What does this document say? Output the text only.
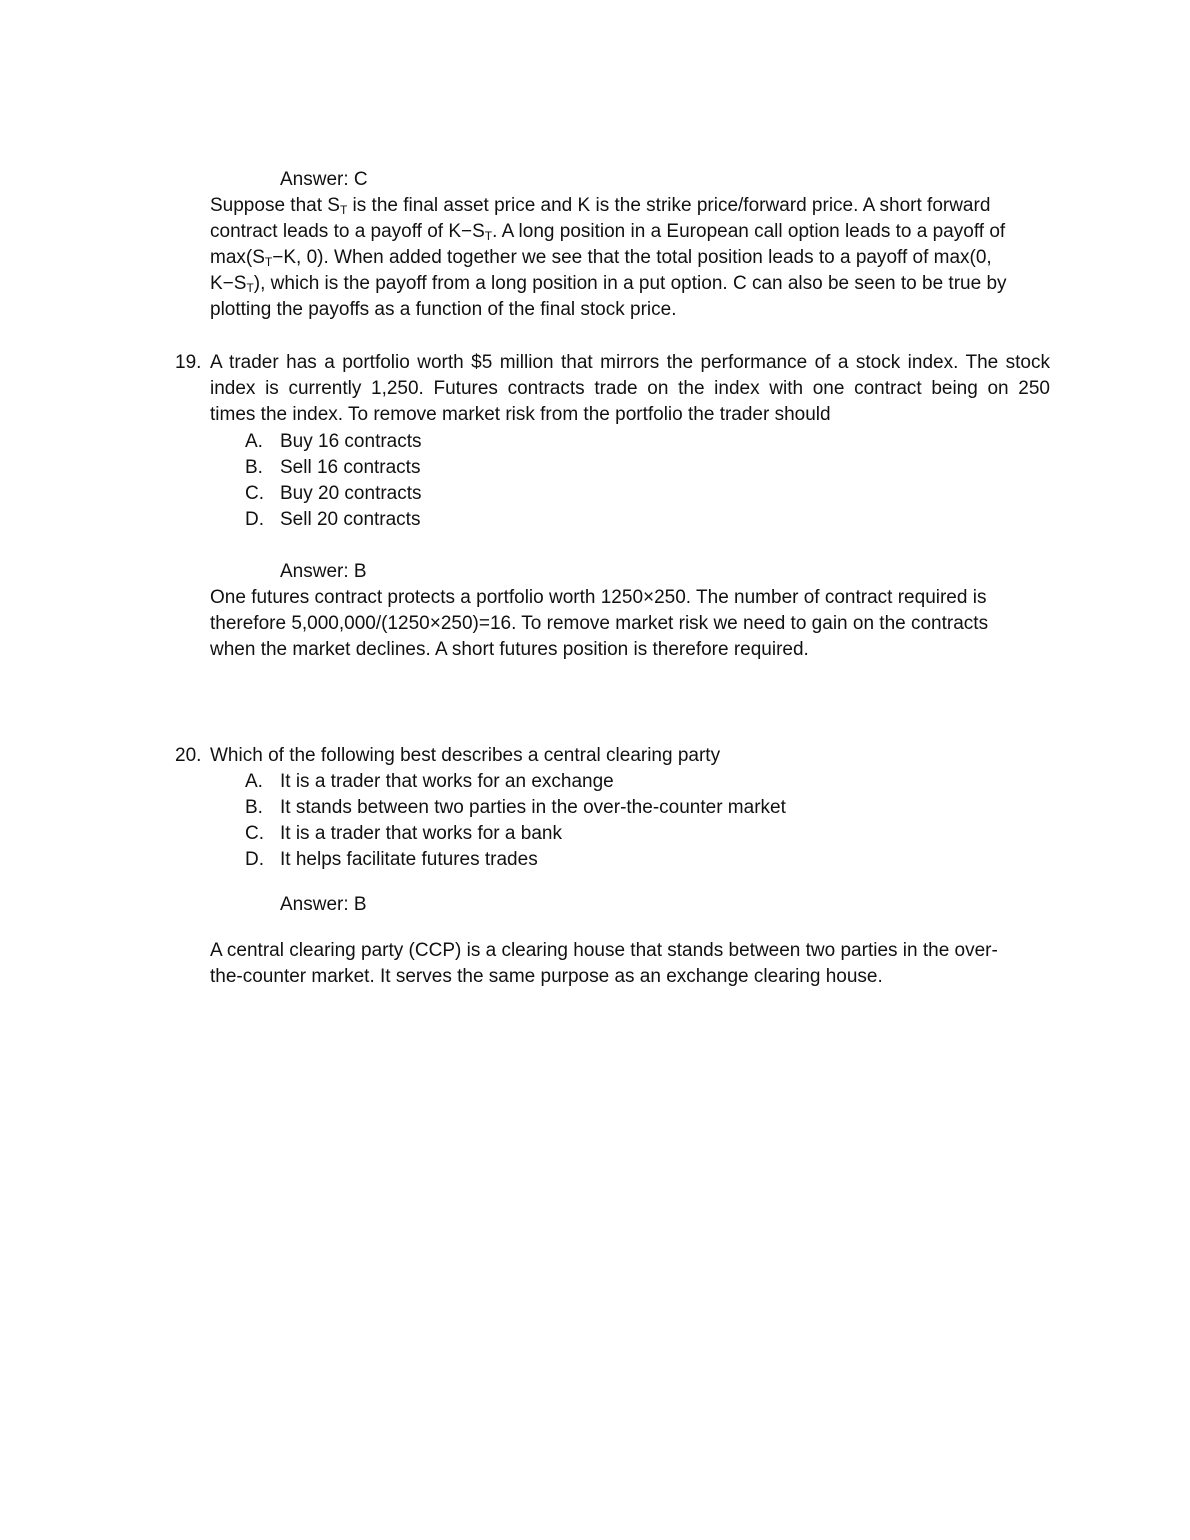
Answer: C
Suppose that $S_T$ is the final asset price and K is the strike price/forward price. A short forward
contract leads to a payoff of $K-S_T$. A long position in a European call option leads to a payoff of
$\max(S_T-K$, 0). When added together we see that the total position leads to a payoff of max(0,
$K-S_T$), which is the payoff from a long position in a put option. C can also be seen to be true by
plotting the payoffs as a function of the final stock price.
19. A trader has a portfolio worth $5 million that mirrors the performance of a stock index. The stock
index is currently 1,250. Futures contracts trade on the index with one contract being on 250
times the index. To remove market risk from the portfolio the trader should
A. Buy 16 contracts
B. Sell 16 contracts
C. Buy 20 contracts
D. Sell 20 contracts
Answer: B
One futures contract protects a portfolio worth 1250×250. The number of contract required is
therefore 5,000,000/(1250×250)=16. To remove market risk we need to gain on the contracts
when the market declines. A short futures position is therefore required.
20. Which of the following best describes a central clearing party
A. It is a trader that works for an exchange
B. It stands between two parties in the over-the-counter market
C. It is a trader that works for a bank
D. It helps facilitate futures trades
Answer: B
A central clearing party (CCP) is a clearing house that stands between two parties in the over-
the-counter market. It serves the same purpose as an exchange clearing house.
